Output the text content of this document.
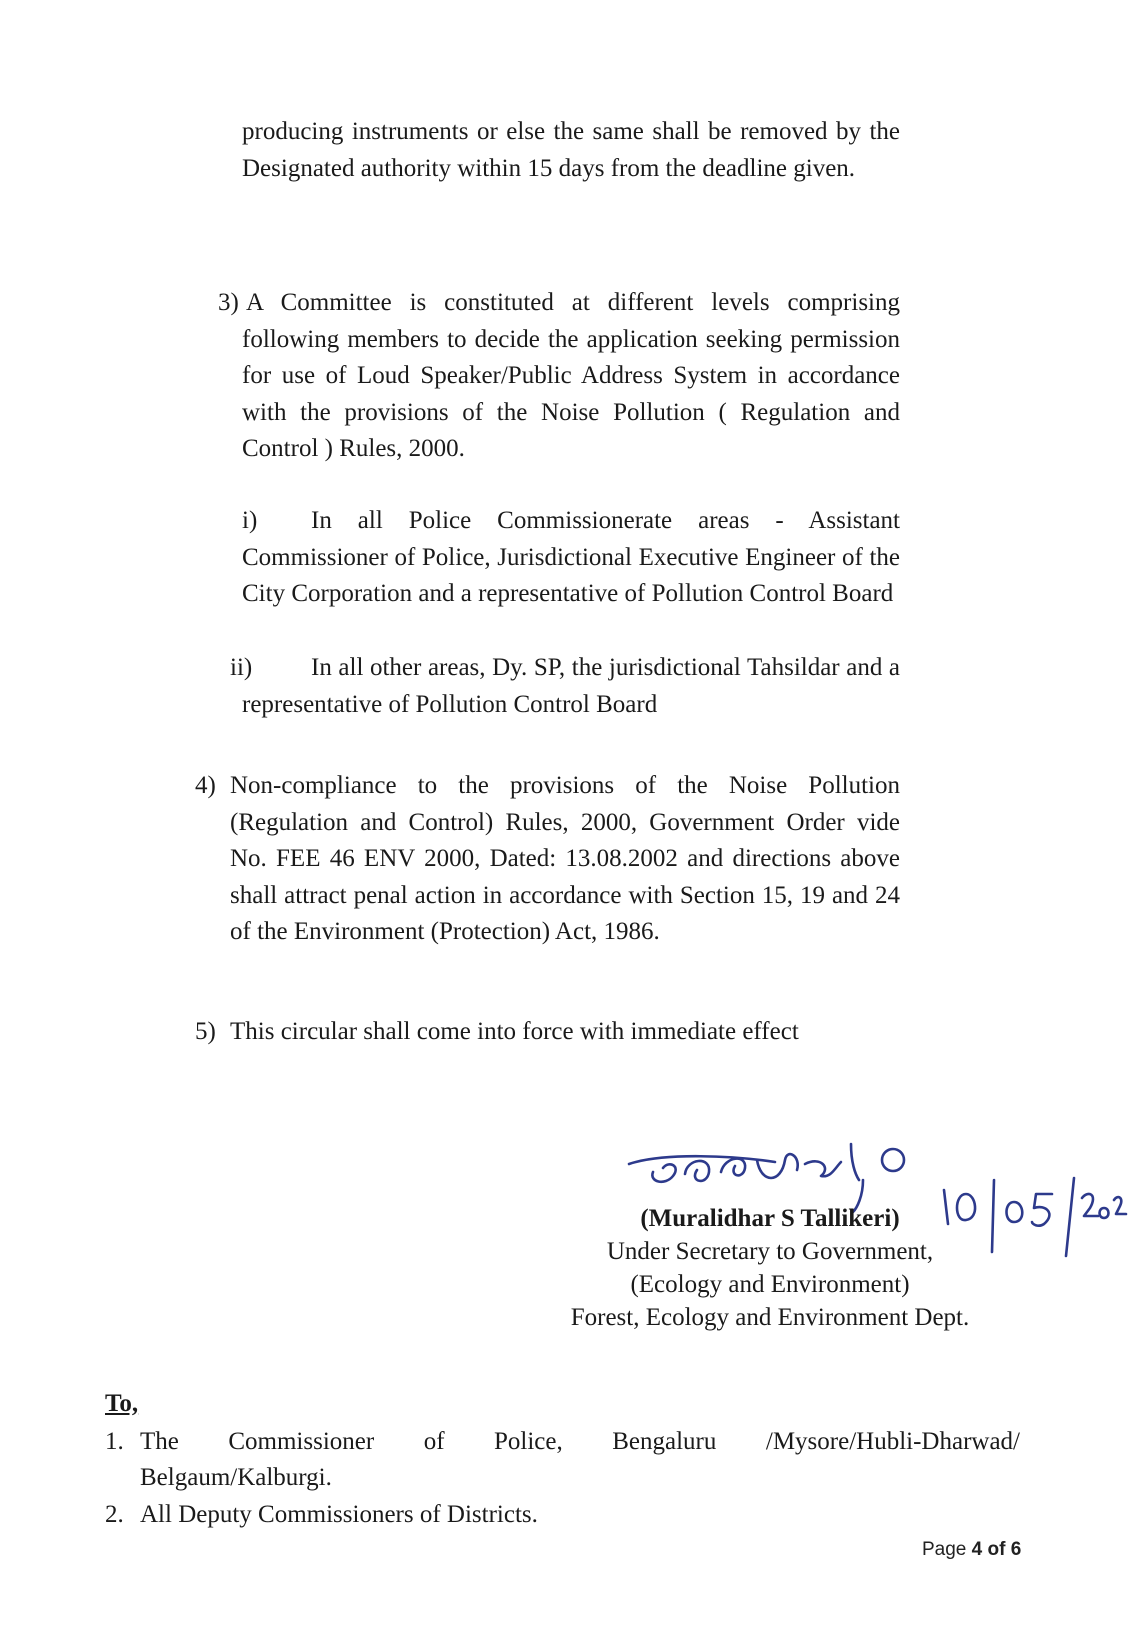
producing instruments or else the same shall be removed by the Designated authority within 15 days from the deadline given.
3) A Committee is constituted at different levels comprising following members to decide the application seeking permission for use of Loud Speaker/Public Address System in accordance with the provisions of the Noise Pollution ( Regulation and Control ) Rules, 2000.
i)	In all Police Commissionerate areas - Assistant Commissioner of Police, Jurisdictional Executive Engineer of the City Corporation and a representative of Pollution Control Board
ii)	In all other areas, Dy. SP, the jurisdictional Tahsildar and a representative of Pollution Control Board
4) Non-compliance to the provisions of the Noise Pollution (Regulation and Control) Rules, 2000, Government Order vide No. FEE 46 ENV 2000, Dated: 13.08.2002 and directions above shall attract penal action in accordance with Section 15, 19 and 24 of the Environment (Protection) Act, 1986.
5) This circular shall come into force with immediate effect
(Muralidhar S Tallikeri)
Under Secretary to Government,
(Ecology and Environment)
Forest, Ecology and Environment Dept.
To,
1. The Commissioner of Police, Bengaluru /Mysore/Hubli-Dharwad/ Belgaum/Kalburgi.
2. All Deputy Commissioners of Districts.
Page 4 of 6
